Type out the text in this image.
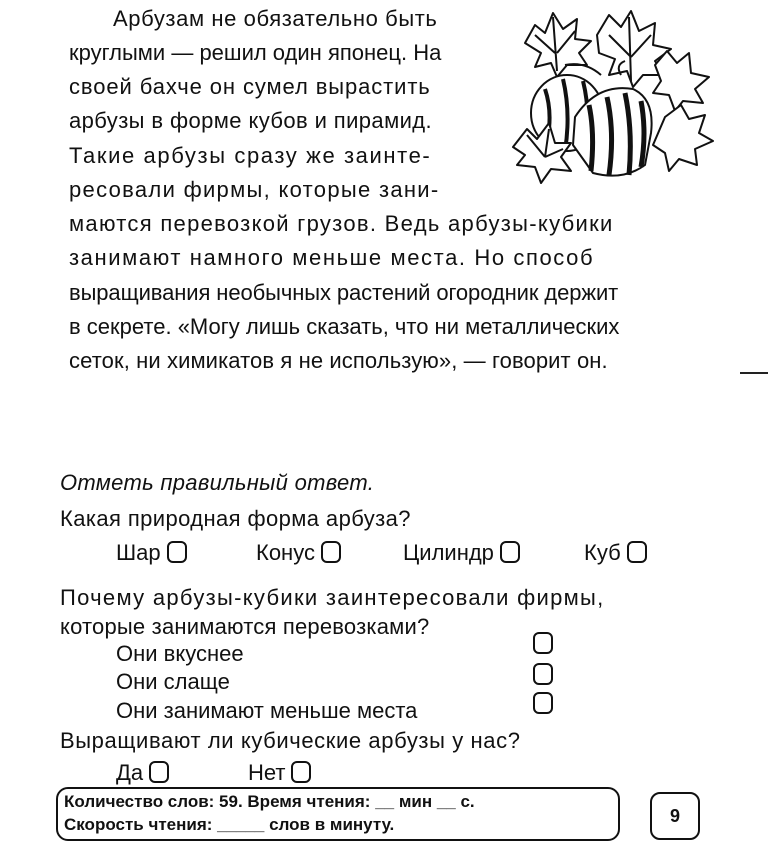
Арбузам не обязательно быть
круглыми — решил один японец. На
своей бахче он сумел вырастить
арбузы в форме кубов и пирамид.
Такие арбузы сразу же заинте-
ресовали фирмы, которые зани-
маются перевозкой грузов. Ведь арбузы-кубики
занимают намного меньше места. Но способ
выращивания необычных растений огородник держит
в секрете. «Могу лишь сказать, что ни металлических
сеток, ни химикатов я не использую», — говорит он.
Отметь правильный ответ.
Какая природная форма арбуза?
Шар	Конус	Цилиндр	Куб
Почему арбузы-кубики заинтересовали фирмы,
которые занимаются перевозками?
Они вкуснее
Они слаще
Они занимают меньше места
Выращивают ли кубические арбузы у нас?
Да	Нет
Количество слов: 59. Время чтения: __ мин __ с.
Скорость чтения: _____ слов в минуту.	9
